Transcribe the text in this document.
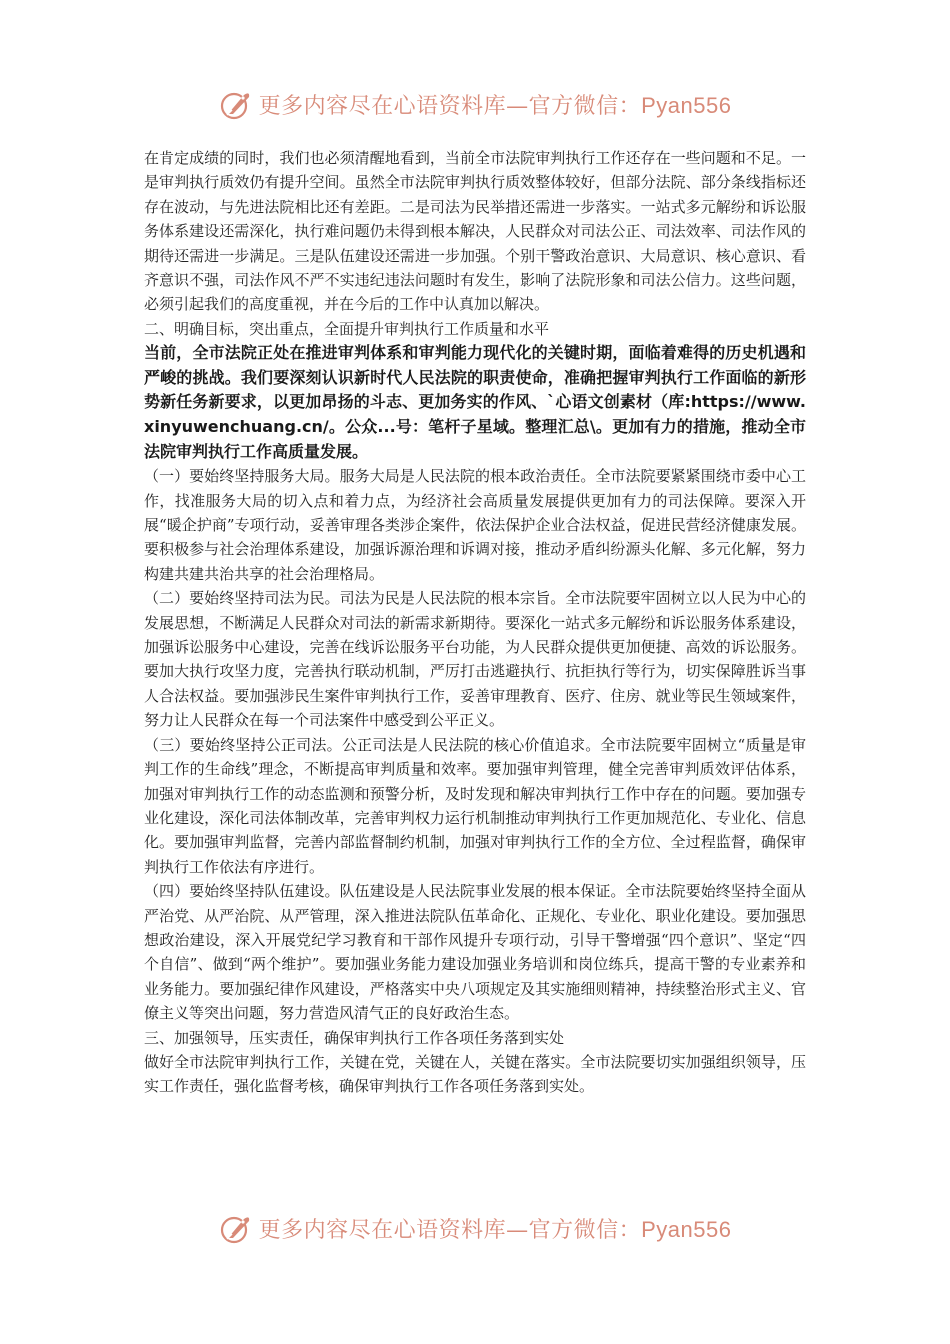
更多内容尽在心语资料库—官方微信：Pyan556

在肯定成绩的同时，我们也必须清醒地看到，当前全市法院审判执行工作还存在一些问题和不足。一是审判执行质效仍有提升空间。虽然全市法院审判执行质效整体较好，但部分法院、部分条线指标还存在波动，与先进法院相比还有差距。二是司法为民举措还需进一步落实。一站式多元解纷和诉讼服务体系建设还需深化，执行难问题仍未得到根本解决，人民群众对司法公正、司法效率、司法作风的期待还需进一步满足。三是队伍建设还需进一步加强。个别干警政治意识、大局意识、核心意识、看齐意识不强，司法作风不严不实违纪违法问题时有发生，影响了法院形象和司法公信力。这些问题，必须引起我们的高度重视，并在今后的工作中认真加以解决。

二、明确目标，突出重点，全面提升审判执行工作质量和水平

当前，全市法院正处在推进审判体系和审判能力现代化的关键时期，面临着难得的历史机遇和严峻的挑战。我们要深刻认识新时代人民法院的职责使命，准确把握审判执行工作面临的新形势新任务新要求，以更加昂扬的斗志、更加务实的作风、`心语文创素材（库:https://www.xinyuwenchuang.cn/。公众...号：笔杆子星域。整理汇总\。更加有力的措施，推动全市法院审判执行工作高质量发展。

（一）要始终坚持服务大局。服务大局是人民法院的根本政治责任。全市法院要紧紧围绕市委中心工作，找准服务大局的切入点和着力点，为经济社会高质量发展提供更加有力的司法保障。要深入开展“暖企护商”专项行动，妥善审理各类涉企案件，依法保护企业合法权益，促进民营经济健康发展。要积极参与社会治理体系建设，加强诉源治理和诉调对接，推动矛盾纠纷源头化解、多元化解，努力构建共建共治共享的社会治理格局。

（二）要始终坚持司法为民。司法为民是人民法院的根本宗旨。全市法院要牢固树立以人民为中心的发展思想，不断满足人民群众对司法的新需求新期待。要深化一站式多元解纷和诉讼服务体系建设，加强诉讼服务中心建设，完善在线诉讼服务平台功能，为人民群众提供更加便捷、高效的诉讼服务。要加大执行攻坚力度，完善执行联动机制，严厉打击逃避执行、抗拒执行等行为，切实保障胜诉当事人合法权益。要加强涉民生案件审判执行工作，妥善审理教育、医疗、住房、就业等民生领域案件，努力让人民群众在每一个司法案件中感受到公平正义。

（三）要始终坚持公正司法。公正司法是人民法院的核心价值追求。全市法院要牢固树立“质量是审判工作的生命线”理念，不断提高审判质量和效率。要加强审判管理，健全完善审判质效评估体系，加强对审判执行工作的动态监测和预警分析，及时发现和解决审判执行工作中存在的问题。要加强专业化建设，深化司法体制改革，完善审判权力运行机制推动审判执行工作更加规范化、专业化、信息化。要加强审判监督，完善内部监督制约机制，加强对审判执行工作的全方位、全过程监督，确保审判执行工作依法有序进行。

（四）要始终坚持队伍建设。队伍建设是人民法院事业发展的根本保证。全市法院要始终坚持全面从严治党、从严治院、从严管理，深入推进法院队伍革命化、正规化、专业化、职业化建设。要加强思想政治建设，深入开展党纪学习教育和干部作风提升专项行动，引导干警增强“四个意识”、坚定“四个自信”、做到“两个维护”。要加强业务能力建设加强业务培训和岗位练兵，提高干警的专业素养和业务能力。要加强纪律作风建设，严格落实中央八项规定及其实施细则精神，持续整治形式主义、官僚主义等突出问题，努力营造风清气正的良好政治生态。

三、加强领导，压实责任，确保审判执行工作各项任务落到实处

做好全市法院审判执行工作，关键在党，关键在人，关键在落实。全市法院要切实加强组织领导，压实工作责任，强化监督考核，确保审判执行工作各项任务落到实处。

更多内容尽在心语资料库—官方微信：Pyan556
